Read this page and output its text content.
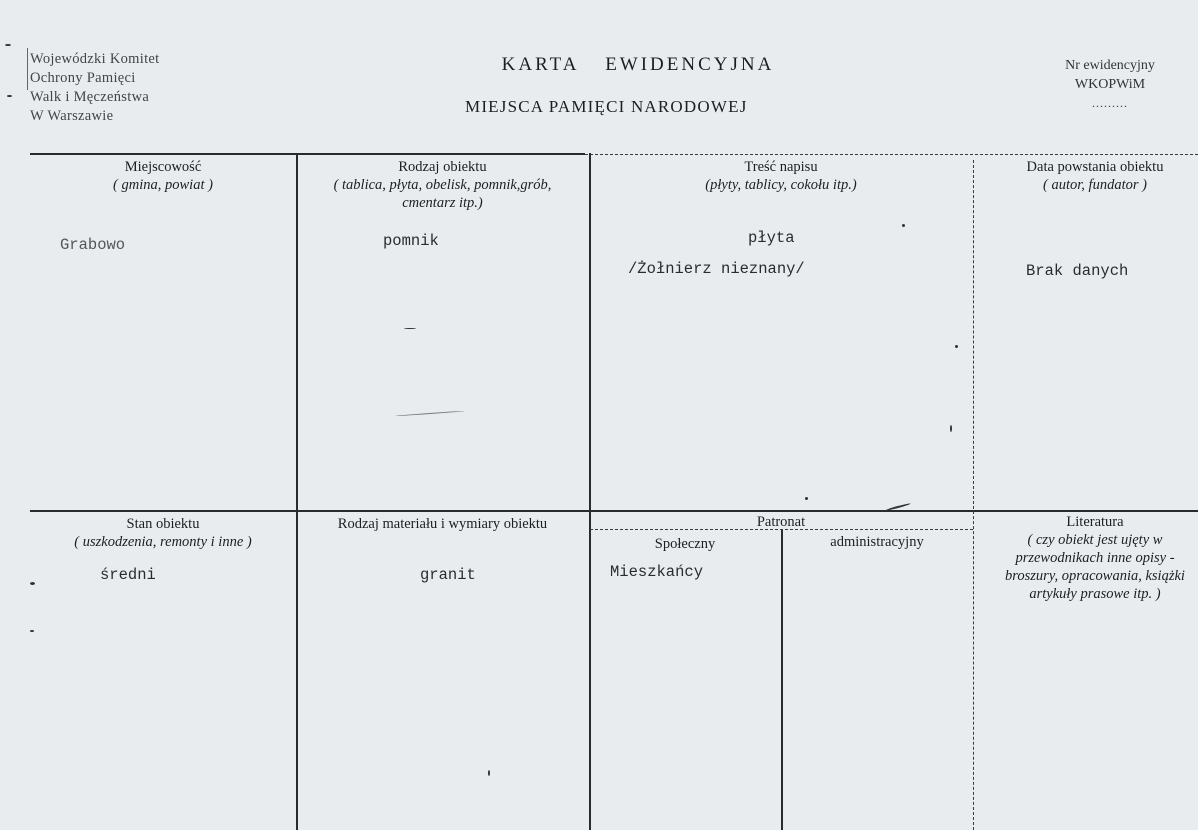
Wojewódzki Komitet
Ochrony Pamięci
Walk i Męczeństwa
W Warszawie
KARTA EWIDENCYJNA
MIEJSCA PAMIĘCI NARODOWEJ
Nr ewidencyjny
WKOPWiM
.........
Miejscowość
( gmina, powiat )
Grabowo
Rodzaj obiektu
( tablica, płyta, obelisk, pomnik,grób,
cmentarz itp.)
pomnik
Treść napisu
(płyty, tablicy, cokołu itp.)
płyta
/Żołnierz nieznany/
Data powstania obiektu
( autor, fundator )
Brak danych
Stan obiektu
( uszkodzenia, remonty i inne )
średni
Rodzaj materiału i wymiary obiektu
granit
Patronat
Społeczny	administracyjny
Mieszkańcy
Literatura
( czy obiekt jest ujęty w
przewodnikach inne opisy -
broszury, opracowania, książki
artykuły prasowe itp. )
